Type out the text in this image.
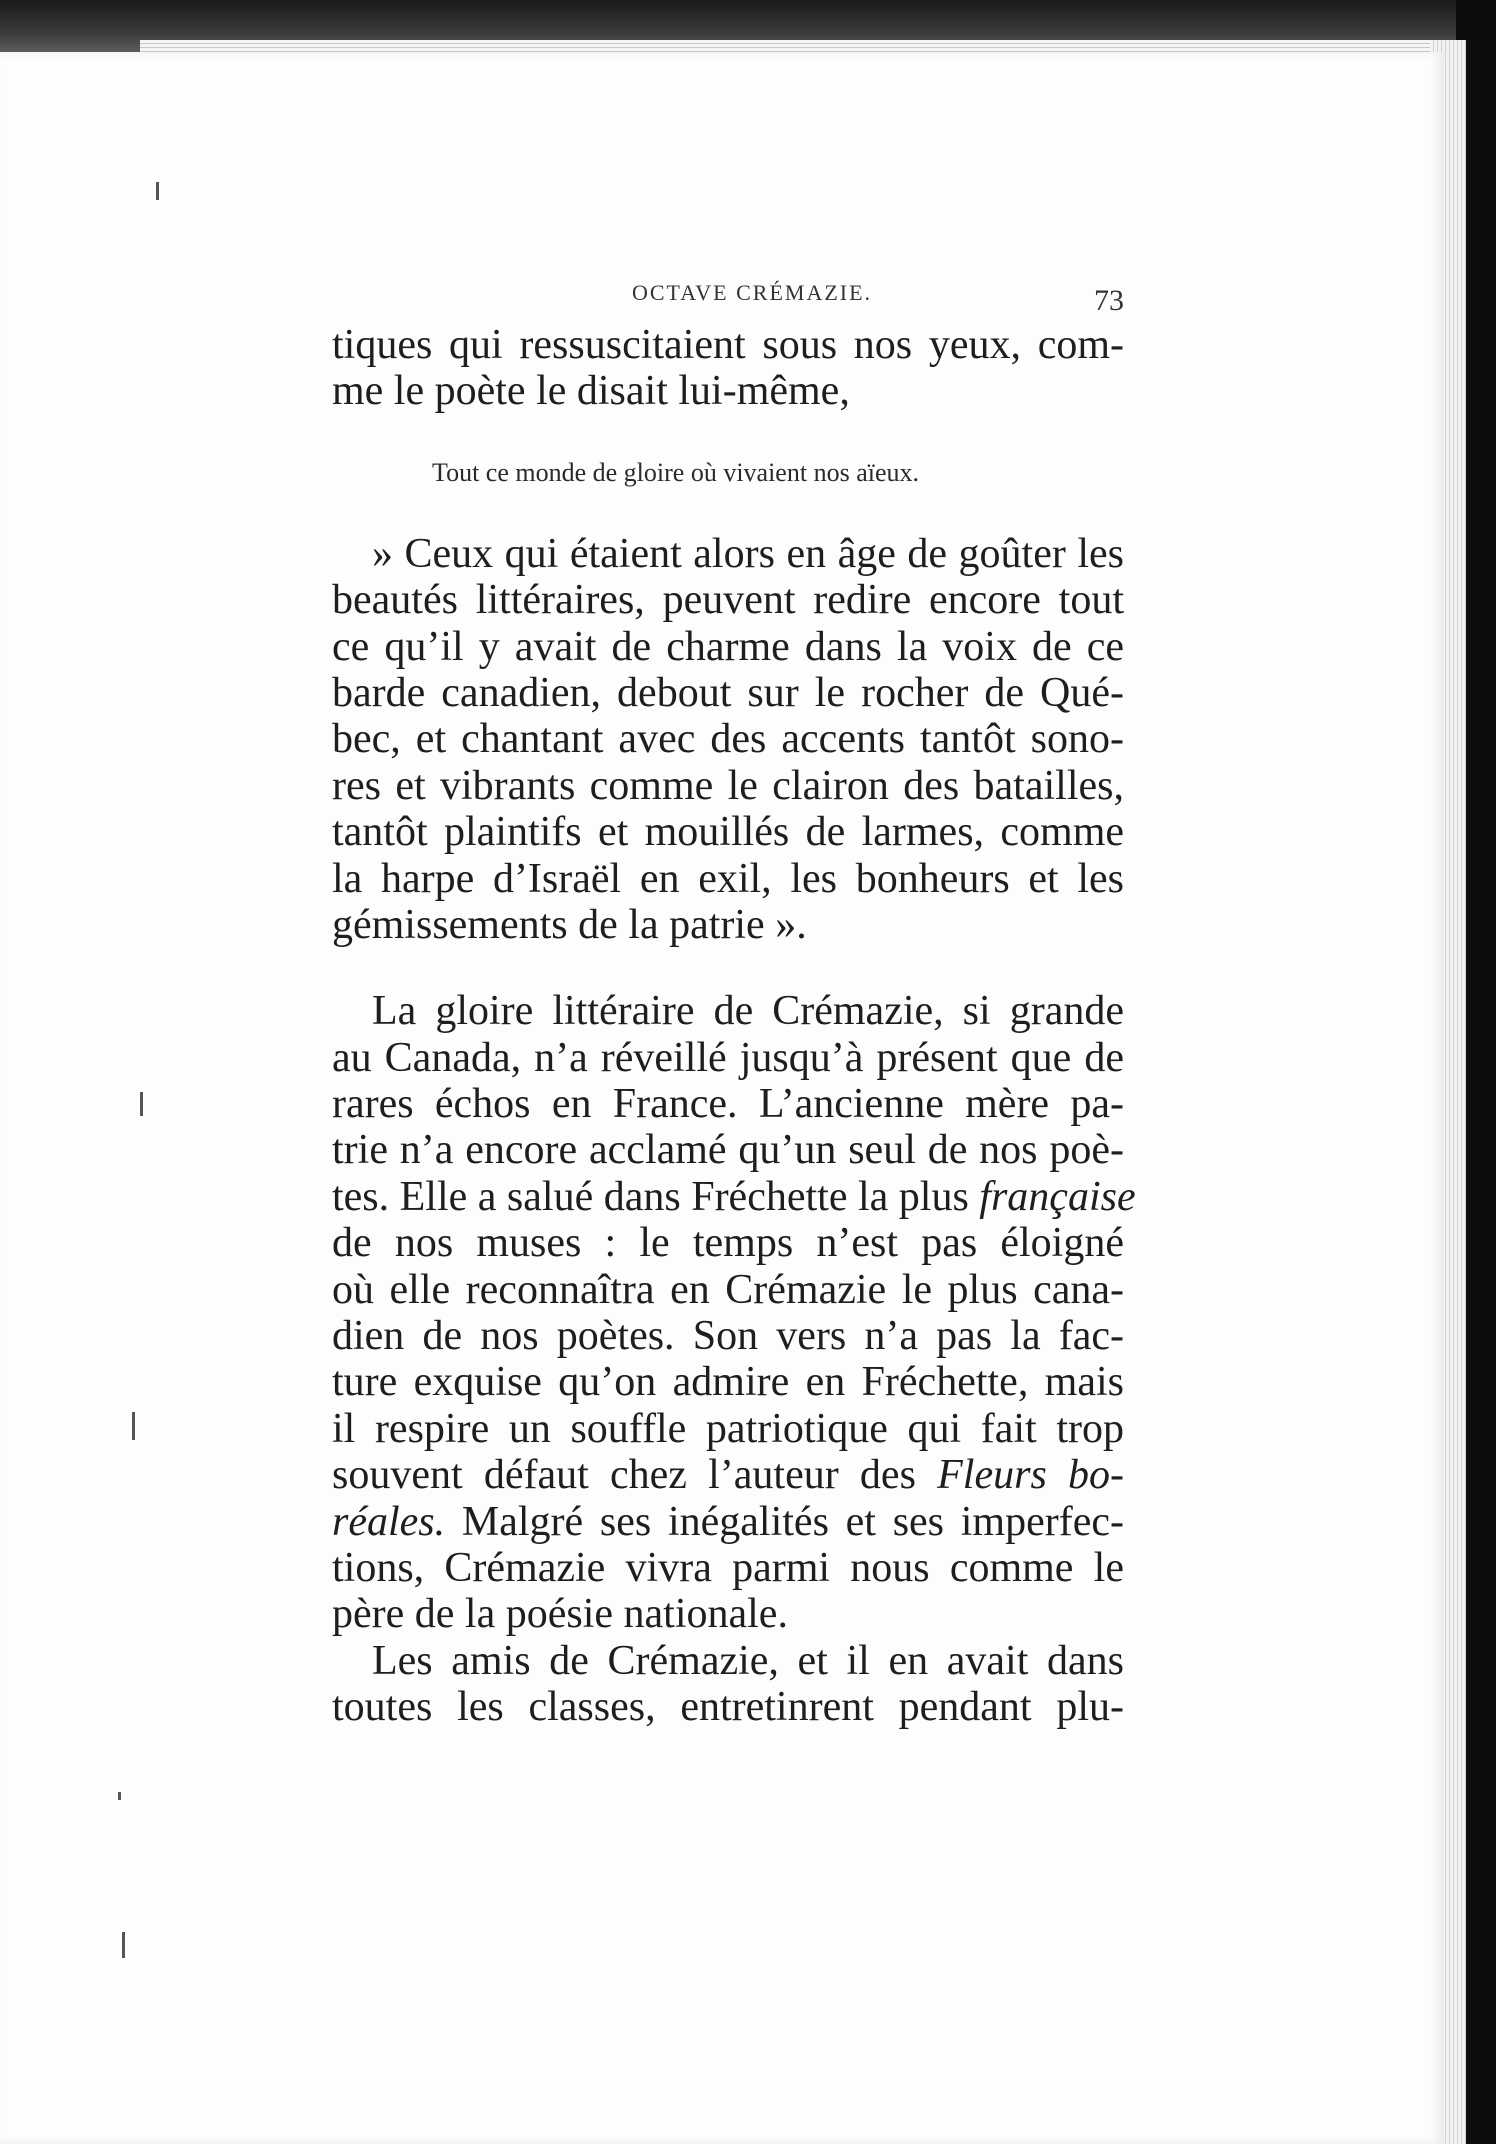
OCTAVE CRÉMAZIE.	73
tiques qui ressuscitaient sous nos yeux, com-
me le poète le disait lui-même,
Tout ce monde de gloire où vivaient nos aïeux.
» Ceux qui étaient alors en âge de goûter les
beautés littéraires, peuvent redire encore tout
ce qu’il y avait de charme dans la voix de ce
barde canadien, debout sur le rocher de Qué-
bec, et chantant avec des accents tantôt sono-
res et vibrants comme le clairon des batailles,
tantôt plaintifs et mouillés de larmes, comme
la harpe d’Israël en exil, les bonheurs et les
gémissements de la patrie ».
La gloire littéraire de Crémazie, si grande
au Canada, n’a réveillé jusqu’à présent que de
rares échos en France. L’ancienne mère pa-
trie n’a encore acclamé qu’un seul de nos poè-
tes. Elle a salué dans Fréchette la plus française
de nos muses : le temps n’est pas éloigné
où elle reconnaîtra en Crémazie le plus cana-
dien de nos poètes. Son vers n’a pas la fac-
ture exquise qu’on admire en Fréchette, mais
il respire un souffle patriotique qui fait trop
souvent défaut chez l’auteur des Fleurs bo-
réales. Malgré ses inégalités et ses imperfec-
tions, Crémazie vivra parmi nous comme le
père de la poésie nationale.
Les amis de Crémazie, et il en avait dans
toutes les classes, entretinrent pendant plu-
